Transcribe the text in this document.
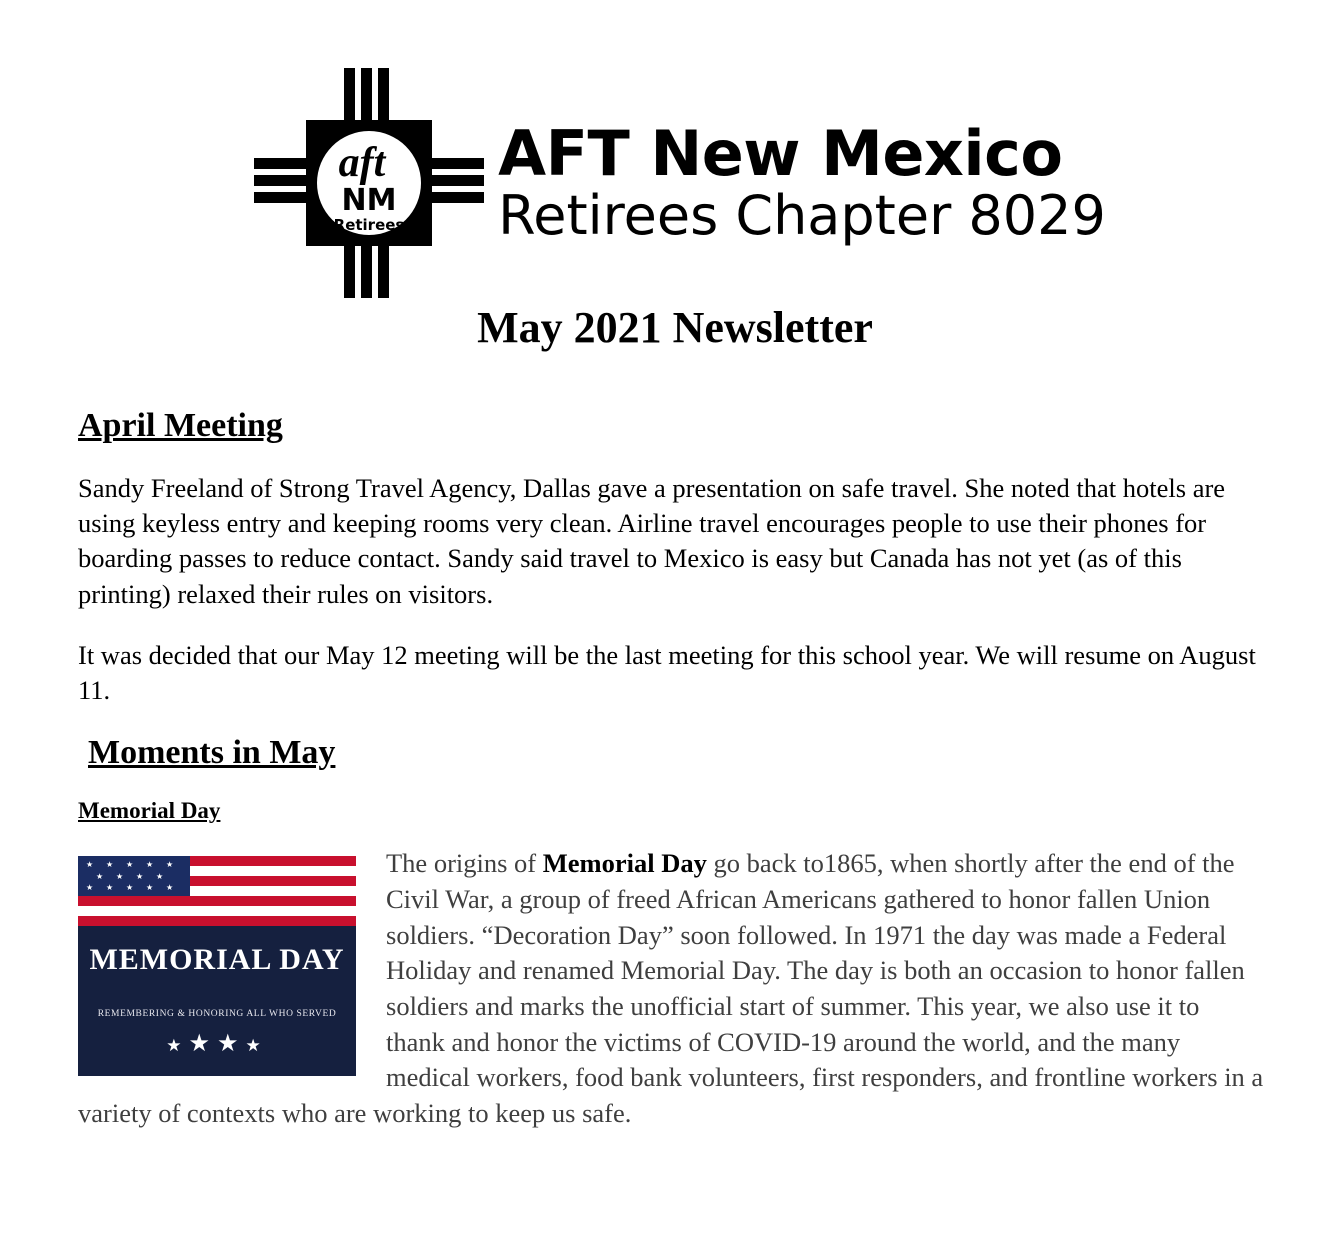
aft
NM
Retirees
AFT New Mexico
Retirees Chapter 8029
May 2021 Newsletter
April Meeting

Sandy Freeland of Strong Travel Agency, Dallas gave a presentation on safe travel. She noted that hotels are using keyless entry and keeping rooms very clean. Airline travel encourages people to use their phones for boarding passes to reduce contact. Sandy said travel to Mexico is easy but Canada has not yet (as of this printing) relaxed their rules on visitors.

It was decided that our May 12 meeting will be the last meeting for this school year. We will resume on August 11.

Moments in May
Memorial Day
★ ★ ★ ★ ★
★ ★ ★ ★
★ ★ ★ ★ ★
MEMORIAL DAY
REMEMBERING & HONORING ALL WHO SERVED
★★★★
The origins of Memorial Day go back to1865, when shortly after the end of the Civil War, a group of freed African Americans gathered to honor fallen Union soldiers. “Decoration Day” soon followed. In 1971 the day was made a Federal Holiday and renamed Memorial Day. The day is both an occasion to honor fallen soldiers and marks the unofficial start of summer. This year, we also use it to thank and honor the victims of COVID-19 around the world, and the many medical workers, food bank volunteers, first responders, and frontline workers in a variety of contexts who are working to keep us safe.
